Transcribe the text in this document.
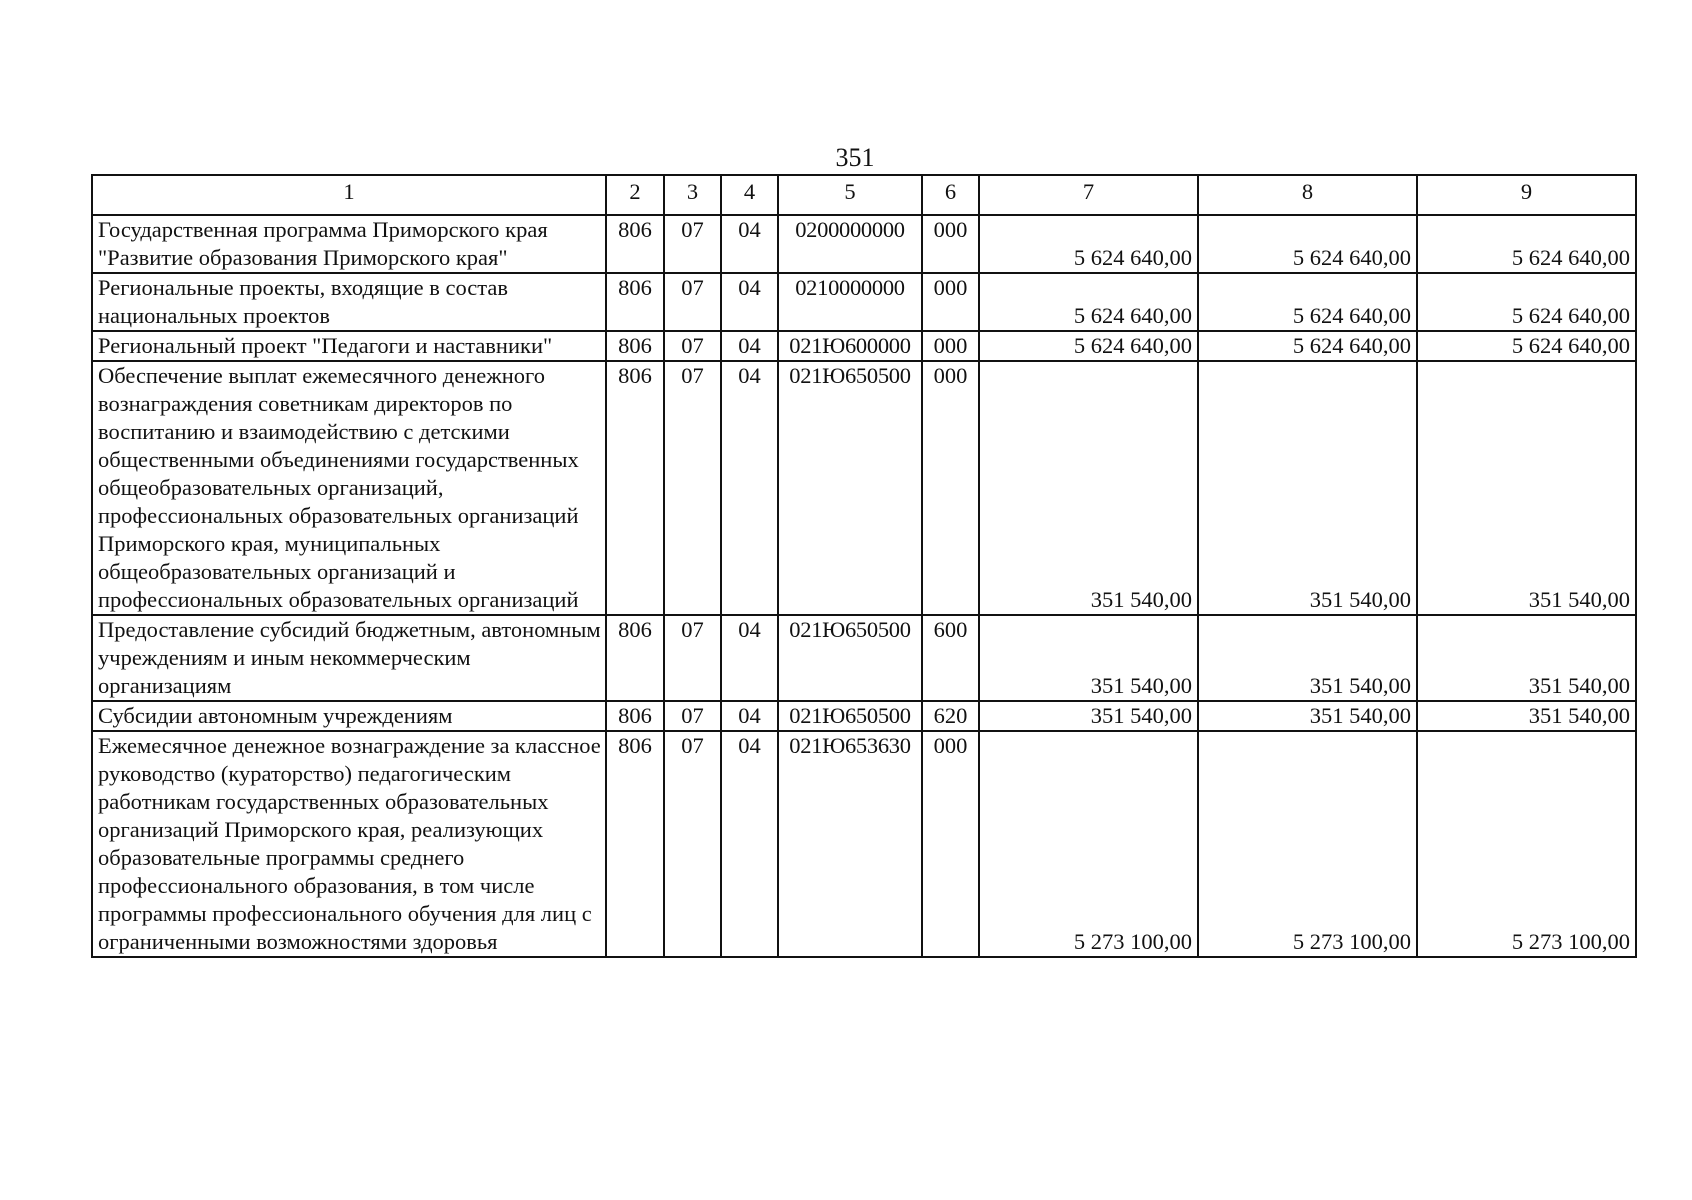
351
1	2	3	4	5	6	7	8	9
Государственная программа Приморского края "Развитие образования Приморского края"	806	07	04	0200000000	000	5 624 640,00	5 624 640,00	5 624 640,00
Региональные проекты, входящие в состав национальных проектов	806	07	04	0210000000	000	5 624 640,00	5 624 640,00	5 624 640,00
Региональный проект "Педагоги и наставники"	806	07	04	021Ю600000	000	5 624 640,00	5 624 640,00	5 624 640,00
Обеспечение выплат ежемесячного денежного вознаграждения советникам директоров по воспитанию и взаимодействию с детскими общественными объединениями государственных общеобразовательных организаций, профессиональных образовательных организаций Приморского края, муниципальных общеобразовательных организаций и профессиональных образовательных организаций	806	07	04	021Ю650500	000	351 540,00	351 540,00	351 540,00
Предоставление субсидий бюджетным, автономным учреждениям и иным некоммерческим организациям	806	07	04	021Ю650500	600	351 540,00	351 540,00	351 540,00
Субсидии автономным учреждениям	806	07	04	021Ю650500	620	351 540,00	351 540,00	351 540,00
Ежемесячное денежное вознаграждение за классное руководство (кураторство) педагогическим работникам государственных образовательных организаций Приморского края, реализующих образовательные программы среднего профессионального образования, в том числе программы профессионального обучения для лиц с ограниченными возможностями здоровья	806	07	04	021Ю653630	000	5 273 100,00	5 273 100,00	5 273 100,00
